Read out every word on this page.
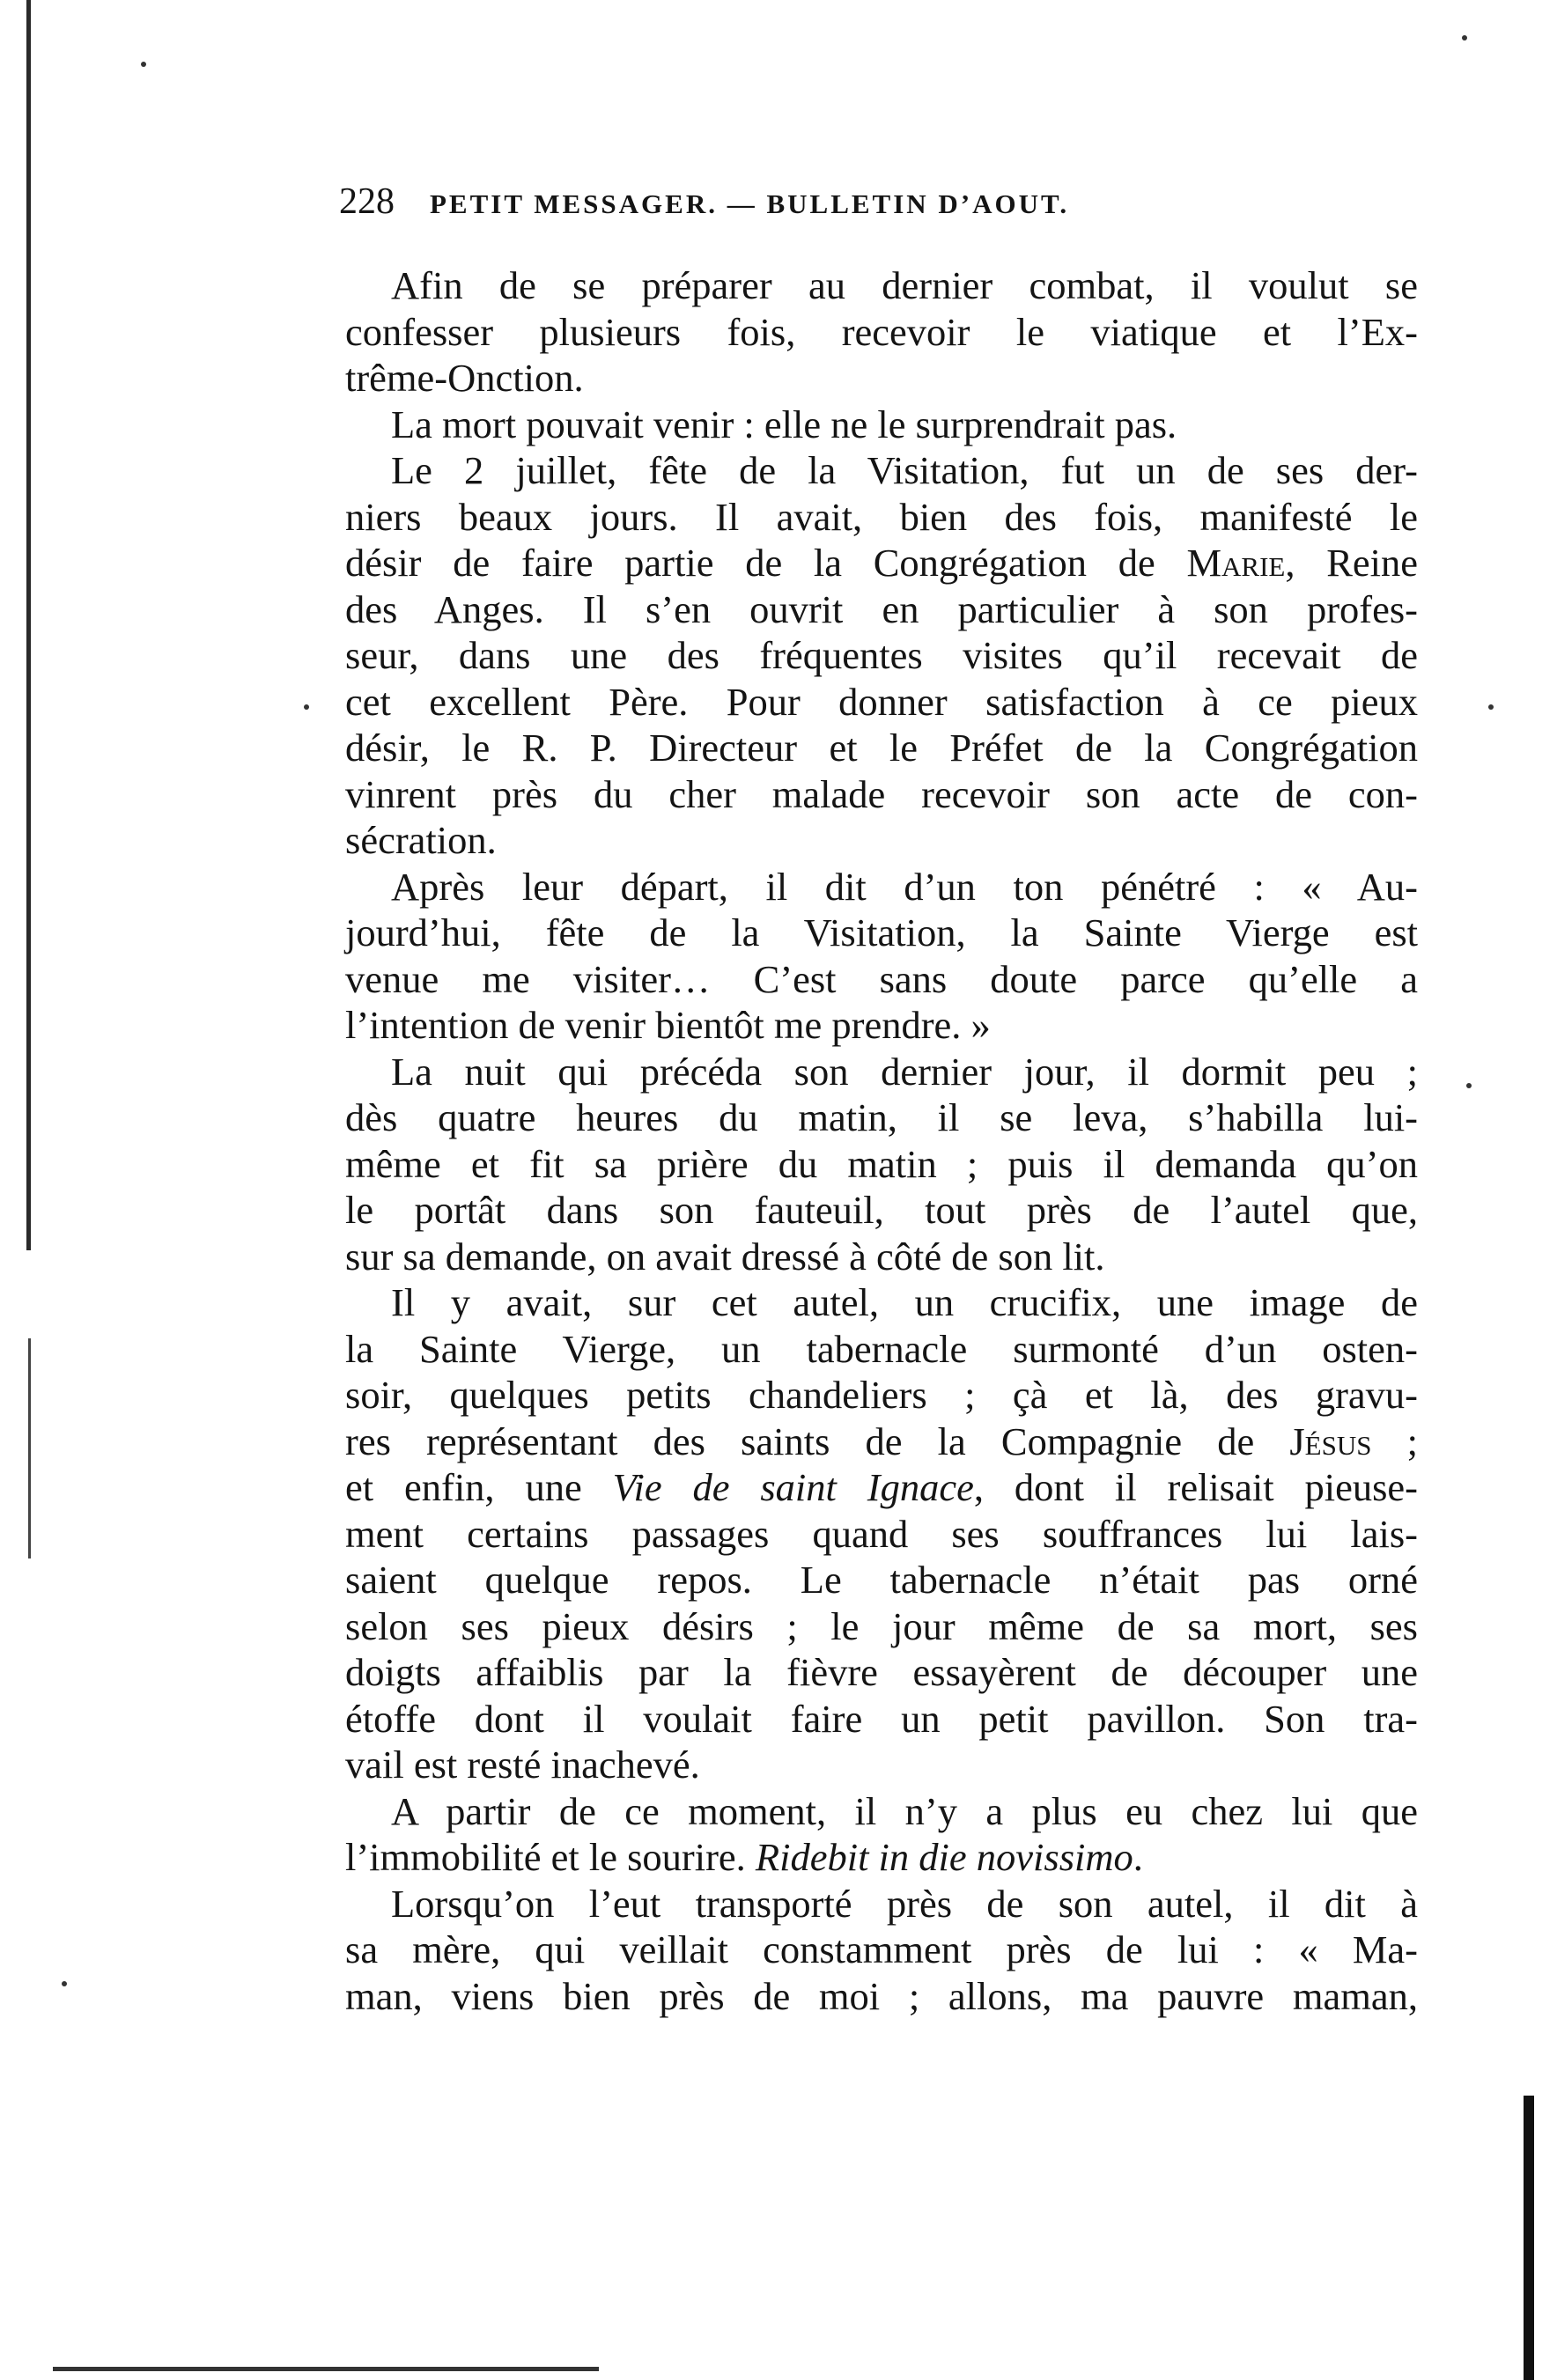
228 PETIT MESSAGER. — BULLETIN D’AOUT.
Afin de se préparer au dernier combat, il voulut se
confesser plusieurs fois, recevoir le viatique et l’Ex-
trême-Onction.
La mort pouvait venir : elle ne le surprendrait pas.
Le 2 juillet, fête de la Visitation, fut un de ses der-
niers beaux jours. Il avait, bien des fois, manifesté le
désir de faire partie de la Congrégation de Marie, Reine
des Anges. Il s’en ouvrit en particulier à son profes-
seur, dans une des fréquentes visites qu’il recevait de
cet excellent Père. Pour donner satisfaction à ce pieux
désir, le R. P. Directeur et le Préfet de la Congrégation
vinrent près du cher malade recevoir son acte de con-
sécration.
Après leur départ, il dit d’un ton pénétré : « Au-
jourd’hui, fête de la Visitation, la Sainte Vierge est
venue me visiter… C’est sans doute parce qu’elle a
l’intention de venir bientôt me prendre. »
La nuit qui précéda son dernier jour, il dormit peu ;
dès quatre heures du matin, il se leva, s’habilla lui-
même et fit sa prière du matin ; puis il demanda qu’on
le portât dans son fauteuil, tout près de l’autel que,
sur sa demande, on avait dressé à côté de son lit.
Il y avait, sur cet autel, un crucifix, une image de
la Sainte Vierge, un tabernacle surmonté d’un osten-
soir, quelques petits chandeliers ; çà et là, des gravu-
res représentant des saints de la Compagnie de Jésus ;
et enfin, une Vie de saint Ignace, dont il relisait pieuse-
ment certains passages quand ses souffrances lui lais-
saient quelque repos. Le tabernacle n’était pas orné
selon ses pieux désirs ; le jour même de sa mort, ses
doigts affaiblis par la fièvre essayèrent de découper une
étoffe dont il voulait faire un petit pavillon. Son tra-
vail est resté inachevé.
A partir de ce moment, il n’y a plus eu chez lui que
l’immobilité et le sourire. Ridebit in die novissimo.
Lorsqu’on l’eut transporté près de son autel, il dit à
sa mère, qui veillait constamment près de lui : « Ma-
man, viens bien près de moi ; allons, ma pauvre maman,
